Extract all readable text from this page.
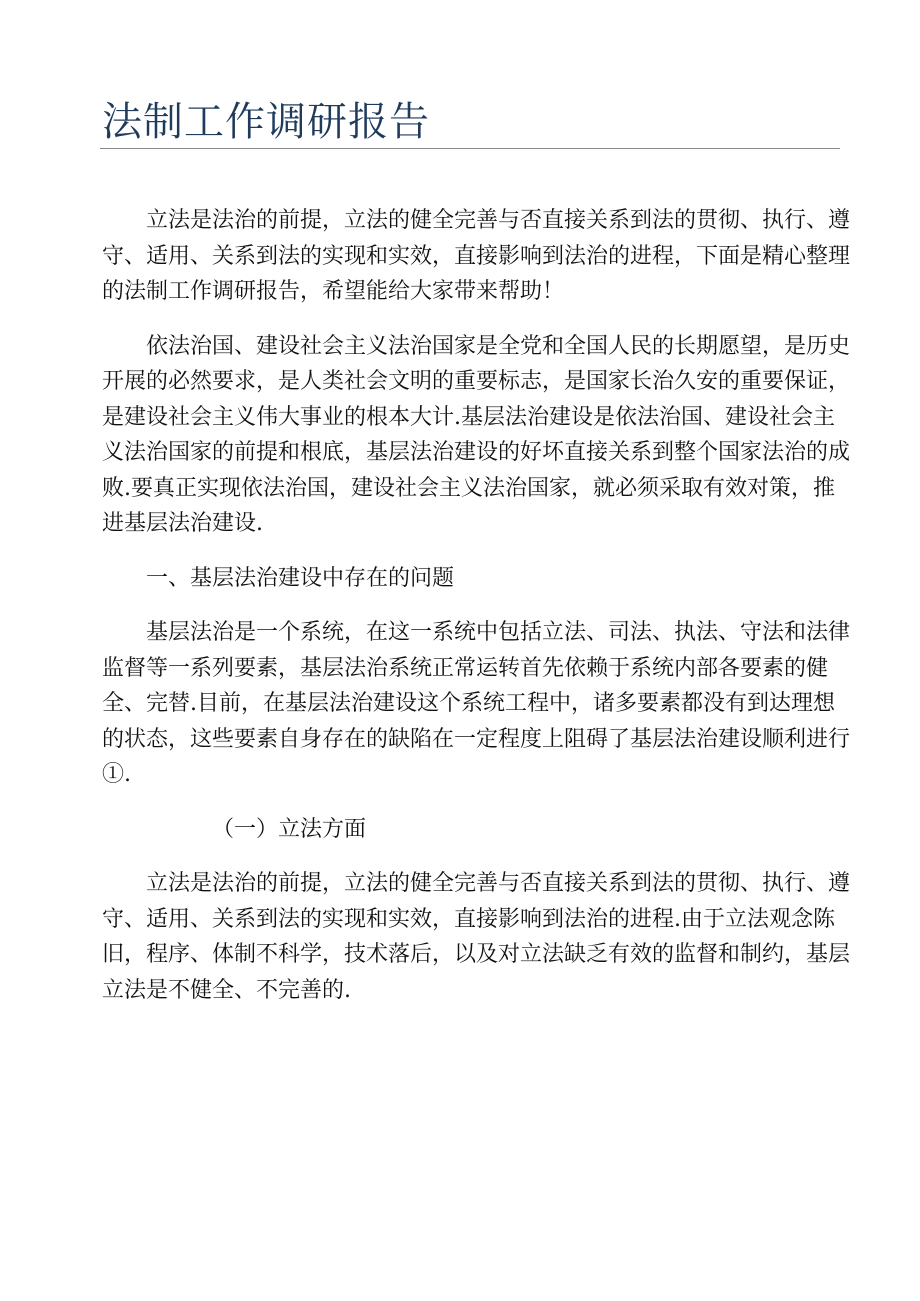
法制工作调研报告

立法是法治的前提，立法的健全完善与否直接关系到法的贯彻、执行、遵守、适用、关系到法的实现和实效，直接影响到法治的进程，下面是精心整理的法制工作调研报告，希望能给大家带来帮助！

依法治国、建设社会主义法治国家是全党和全国人民的长期愿望，是历史开展的必然要求，是人类社会文明的重要标志，是国家长治久安的重要保证，是建设社会主义伟大事业的根本大计.基层法治建设是依法治国、建设社会主义法治国家的前提和根底，基层法治建设的好坏直接关系到整个国家法治的成败.要真正实现依法治国，建设社会主义法治国家，就必须采取有效对策，推进基层法治建设.

一、基层法治建设中存在的问题

基层法治是一个系统，在这一系统中包括立法、司法、执法、守法和法律监督等一系列要素，基层法治系统正常运转首先依赖于系统内部各要素的健全、完替.目前，在基层法治建设这个系统工程中，诸多要素都没有到达理想的状态，这些要素自身存在的缺陷在一定程度上阻碍了基层法治建设顺利进行①.

（一）立法方面

立法是法治的前提，立法的健全完善与否直接关系到法的贯彻、执行、遵守、适用、关系到法的实现和实效，直接影响到法治的进程.由于立法观念陈旧，程序、体制不科学，技术落后，以及对立法缺乏有效的监督和制约，基层立法是不健全、不完善的.
